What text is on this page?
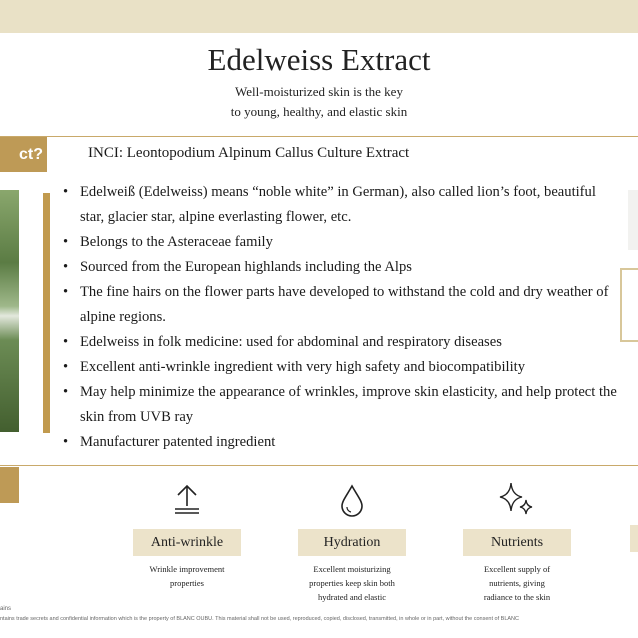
Edelweiss Extract
Well-moisturized skin is the key
to young, healthy, and elastic skin
ct?	INCI: Leontopodium Alpinum Callus Culture Extract
• Edelweiß (Edelweiss) means “noble white” in German), also called lion’s foot, beautiful star, glacier star, alpine everlasting flower, etc.
• Belongs to the Asteraceae family
• Sourced from the European highlands including the Alps
• The fine hairs on the flower parts have developed to withstand the cold and dry weather of alpine regions.
• Edelweiss in folk medicine: used for abdominal and respiratory diseases
• Excellent anti-wrinkle ingredient with very high safety and biocompatibility
• May help minimize the appearance of wrinkles, improve skin elasticity, and help protect the skin from UVB ray
• Manufacturer patented ingredient
Anti-wrinkle
Wrinkle improvement
properties
Hydration
Excellent moisturizing
properties keep skin both
hydrated and elastic
Nutrients
Excellent supply of
nutrients, giving
radiance to the skin
ains
ntains trade secrets and confidential information which is the property of BLANC OUBU. This material shall not be used, reproduced, copied, disclosed, transmitted, in whole or in part, without the consent of BLANC
